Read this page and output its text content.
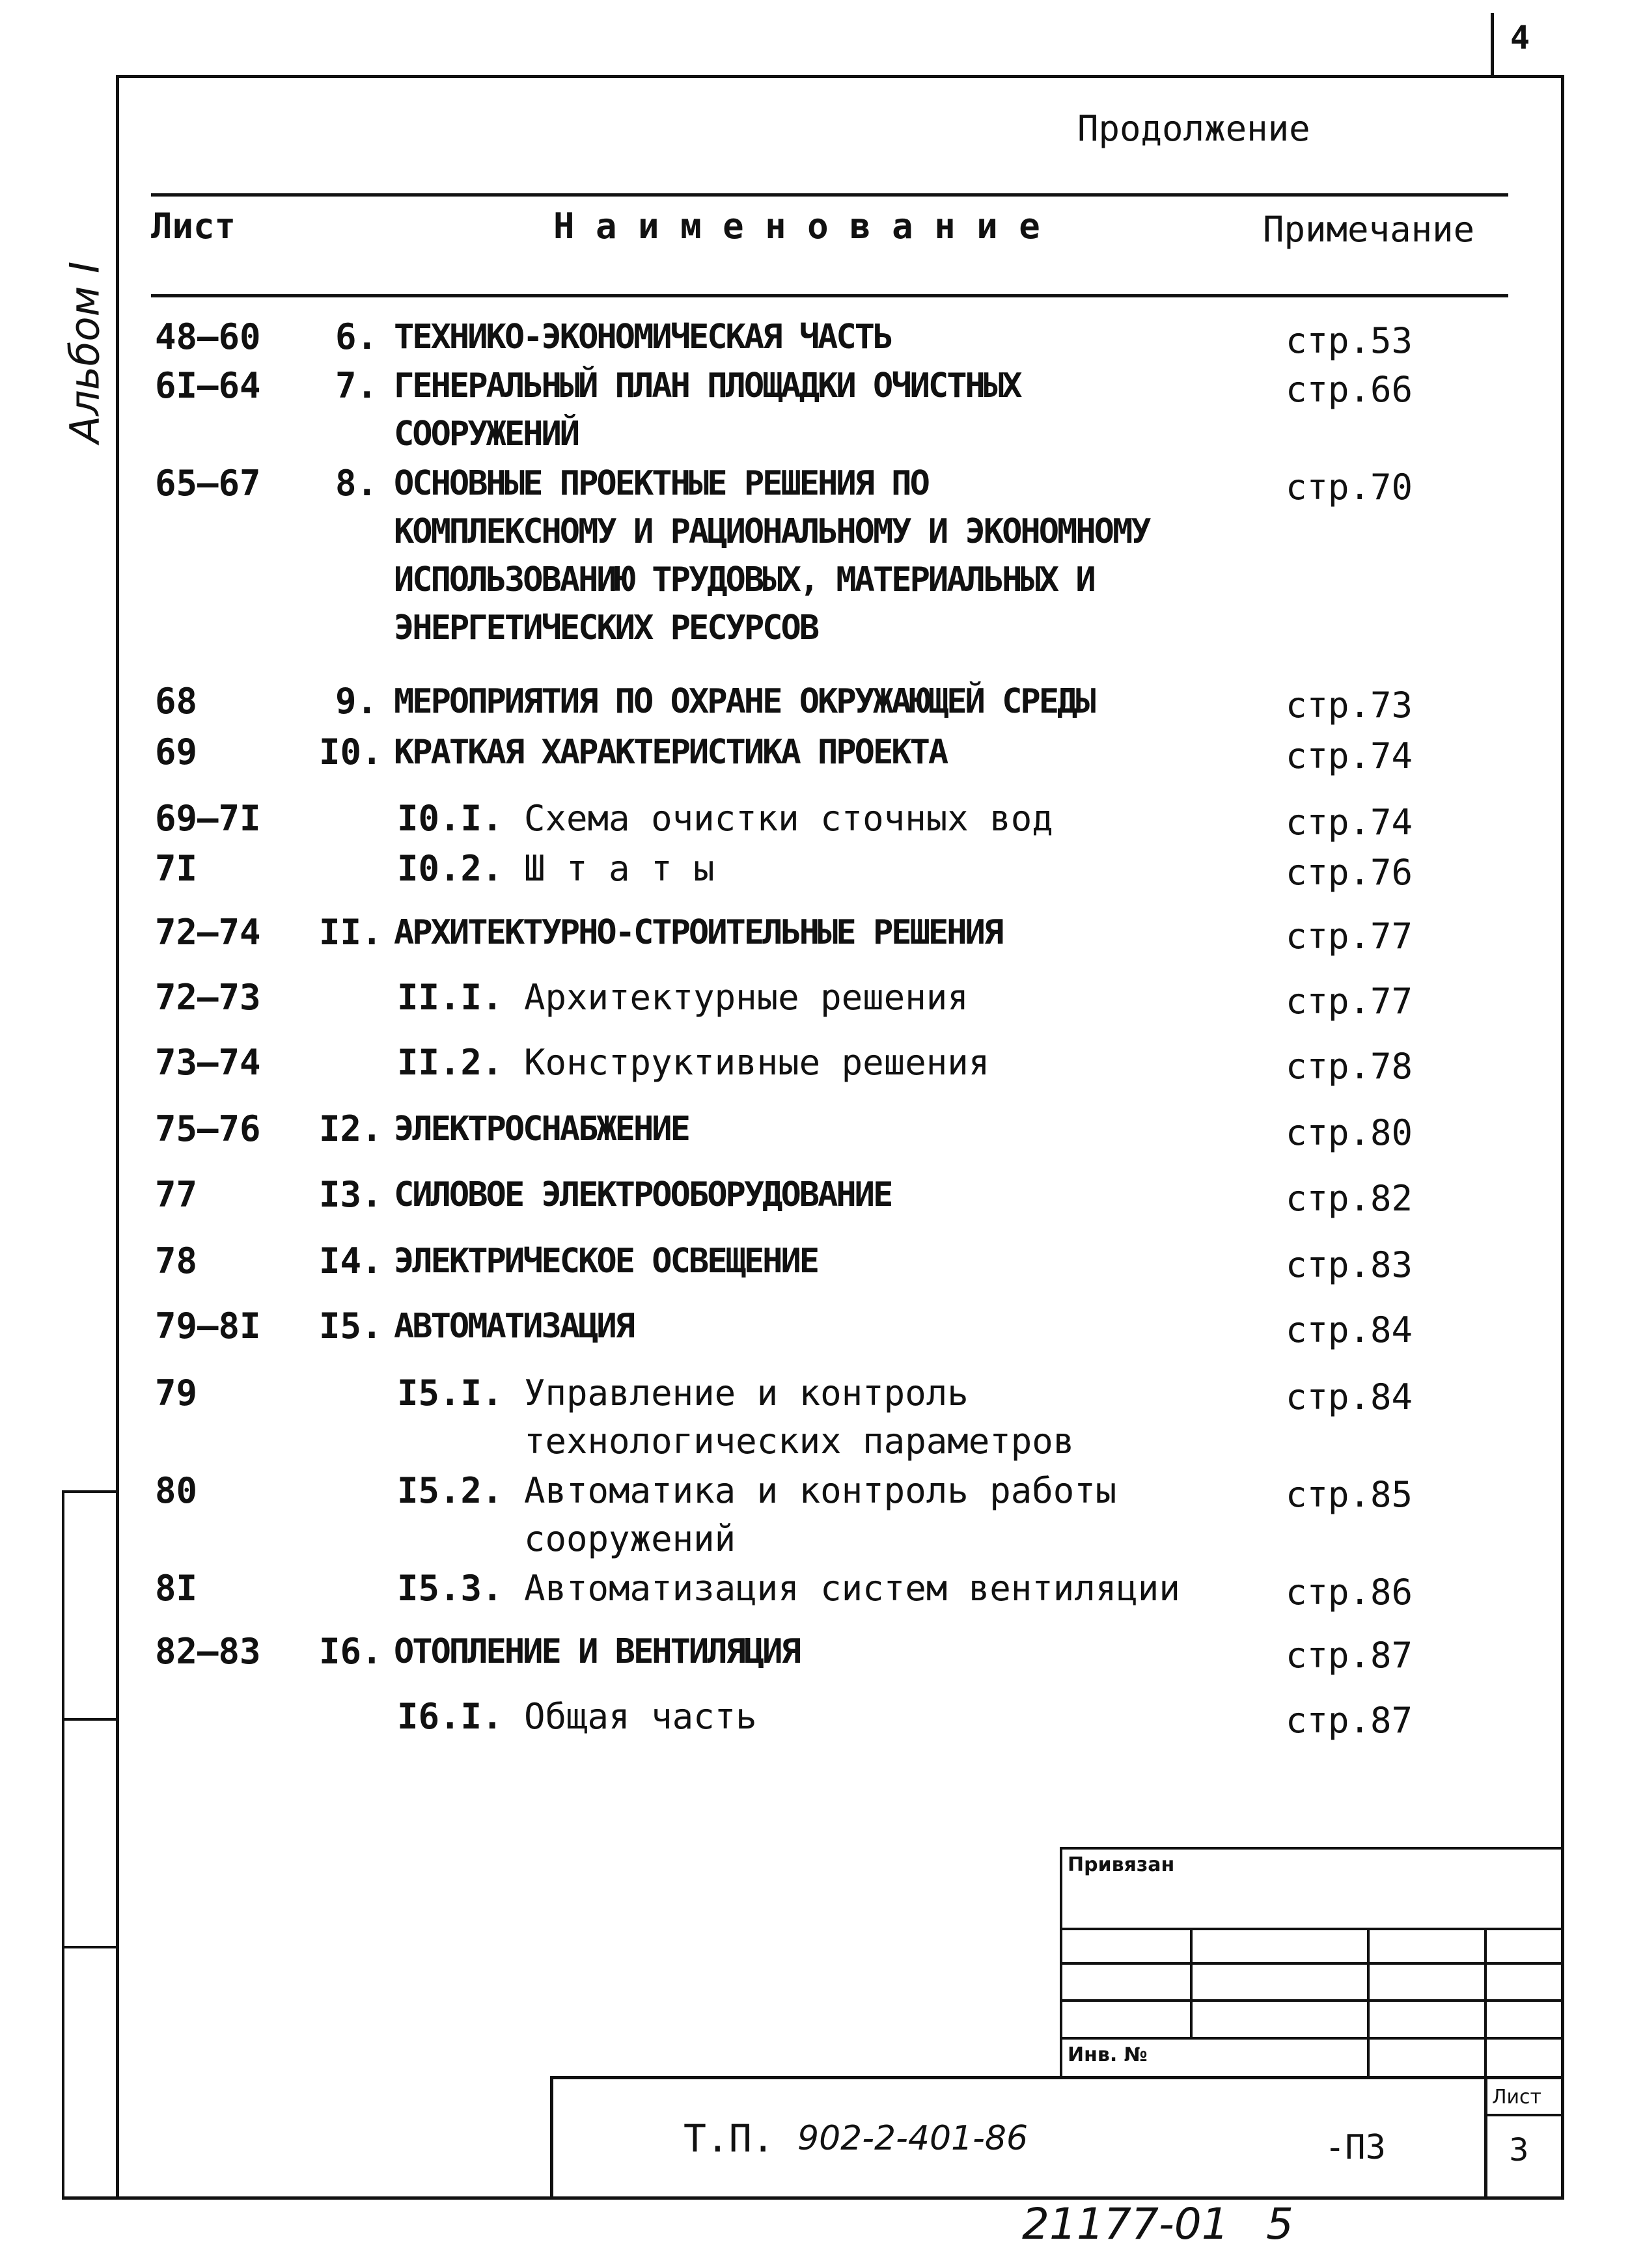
4
Альбом I
Продолжение
Лист	Н а и м е н о в а н и е	Примечание
48–60 6. ТЕХНИКО-ЭКОНОМИЧЕСКАЯ ЧАСТЬ	стр.53
6I–64 7. ГЕНЕРАЛЬНЫЙ ПЛАН ПЛОЩАДКИ ОЧИСТНЫХ
СООРУЖЕНИЙ
стр.66
65–67 8. ОСНОВНЫЕ ПРОЕКТНЫЕ РЕШЕНИЯ ПО
КОМПЛЕКСНОМУ И РАЦИОНАЛЬНОМУ И ЭКОНОМНОМУ
ИСПОЛЬЗОВАНИЮ ТРУДОВЫХ, МАТЕРИАЛЬНЫХ И
ЭНЕРГЕТИЧЕСКИХ РЕСУРСОВ
стр.70
68	9. МЕРОПРИЯТИЯ ПО ОХРАНЕ ОКРУЖАЮЩЕЙ СРЕДЫ	стр.73
69	I0. КРАТКАЯ ХАРАКТЕРИСТИКА ПРОЕКТА	стр.74
69–7I	I0.I. Схема очистки сточных вод	стр.74
7I	I0.2. Ш т а т ы	стр.76
72–74 II. АРХИТЕКТУРНО-СТРОИТЕЛЬНЫЕ РЕШЕНИЯ	стр.77
72–73	II.I. Архитектурные решения	стр.77
73–74	II.2. Конструктивные решения	стр.78
75–76 I2. ЭЛЕКТРОСНАБЖЕНИЕ	стр.80
77	I3. СИЛОВОЕ ЭЛЕКТРООБОРУДОВАНИЕ	стр.82
78	I4. ЭЛЕКТРИЧЕСКОЕ ОСВЕЩЕНИЕ	стр.83
79–8I I5. АВТОМАТИЗАЦИЯ	стр.84
79	I5.I. Управление и контроль
технологических параметров
стр.84
80	I5.2. Автоматика и контроль работы
сооружений
стр.85
8I	I5.3. Автоматизация систем вентиляции	стр.86
82–83 I6. ОТОПЛЕНИЕ И ВЕНТИЛЯЦИЯ	стр.87
I6.I. Общая часть	стр.87
Привязан
Инв. №
Лист
3
Т.П. 902-2-401-86	-ПЗ
21177-01 5
